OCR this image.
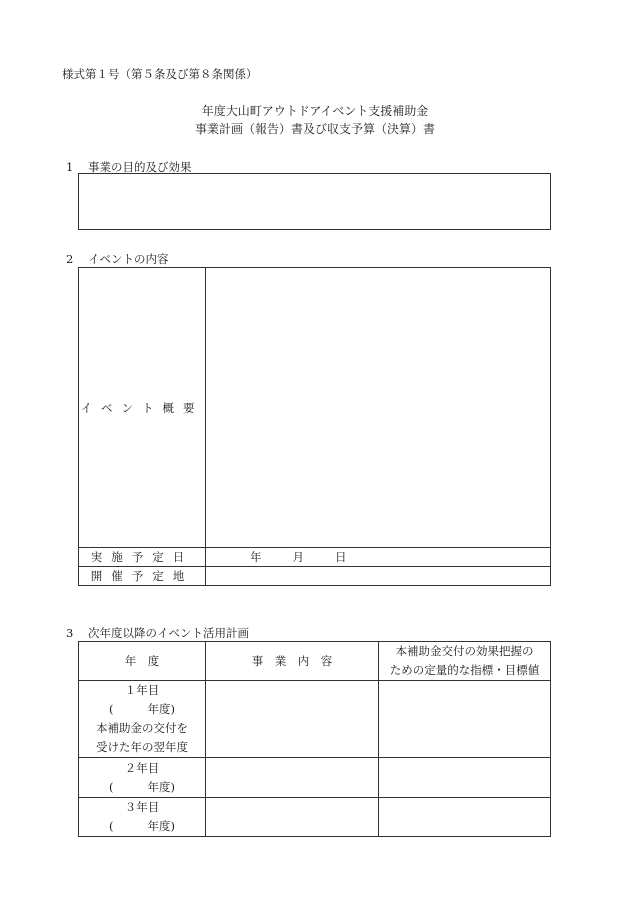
様式第１号（第５条及び第８条関係）
年度大山町アウトドアイベント支援補助金
事業計画（報告）書及び収支予算（決算）書
1 事業の目的及び効果
2 イベントの内容
イベント概要	
実施予定日	年 月 日
開催予定地	
3 次年度以降のイベント活用計画
年　度	事　業　内　容	本補助金交付の効果把握の
ための定量的な指標・目標値

１年目
( 年度)
本補助金の交付を
受けた年の翌年度		

２年目
( 年度)		

３年目
( 年度)		
